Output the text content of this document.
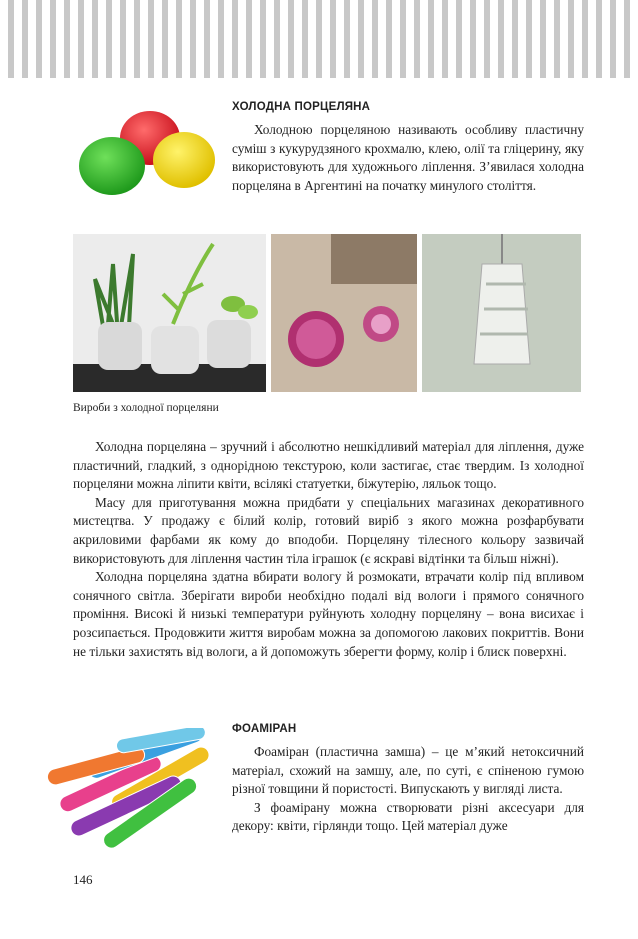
ХОЛОДНА ПОРЦЕЛЯНА

Холодною порцеляною називають особливу пластичну суміш з кукурудзяного крохмалю, клею, олії та гліцерину, яку використовують для художнього ліплення. З’явилася холодна порцеляна в Аргентині на початку минулого століття.

Вироби з холодної порцеляни

Холодна порцеляна – зручний і абсолютно нешкідливий матеріал для ліплення, дуже пластичний, гладкий, з однорідною текстурою, коли застигає, стає твердим. Із холодної порцеляни можна ліпити квіти, всілякі статуетки, біжутерію, ляльок тощо.

Масу для приготування можна придбати у спеціальних магазинах декоративного мистецтва. У продажу є білий колір, готовий виріб з якого можна розфарбувати акриловими фарбами як кому до вподоби. Порцеляну тілесного кольору зазвичай використовують для ліплення частин тіла іграшок (є яскраві відтінки та більш ніжні).

Холодна порцеляна здатна вбирати вологу й розмокати, втрачати колір під впливом сонячного світла. Зберігати вироби необхідно подалі від вологи і прямого сонячного проміння. Високі й низькі температури руйнують холодну порцеляну – вона висихає і розсипається. Продовжити життя виробам можна за допомогою лакових покриттів. Вони не тільки захистять від вологи, а й допоможуть зберегти форму, колір і блиск поверхні.

ФОАМІРАН

Фоаміран (пластична замша) – це м’який нетоксичний матеріал, схожий на замшу, але, по суті, є спіненою гумою різної товщини й пористості. Випускають у вигляді листа.

З фоамірану можна створювати різні аксесуари для декору: квіти, гірлянди тощо. Цей матеріал дуже

146
